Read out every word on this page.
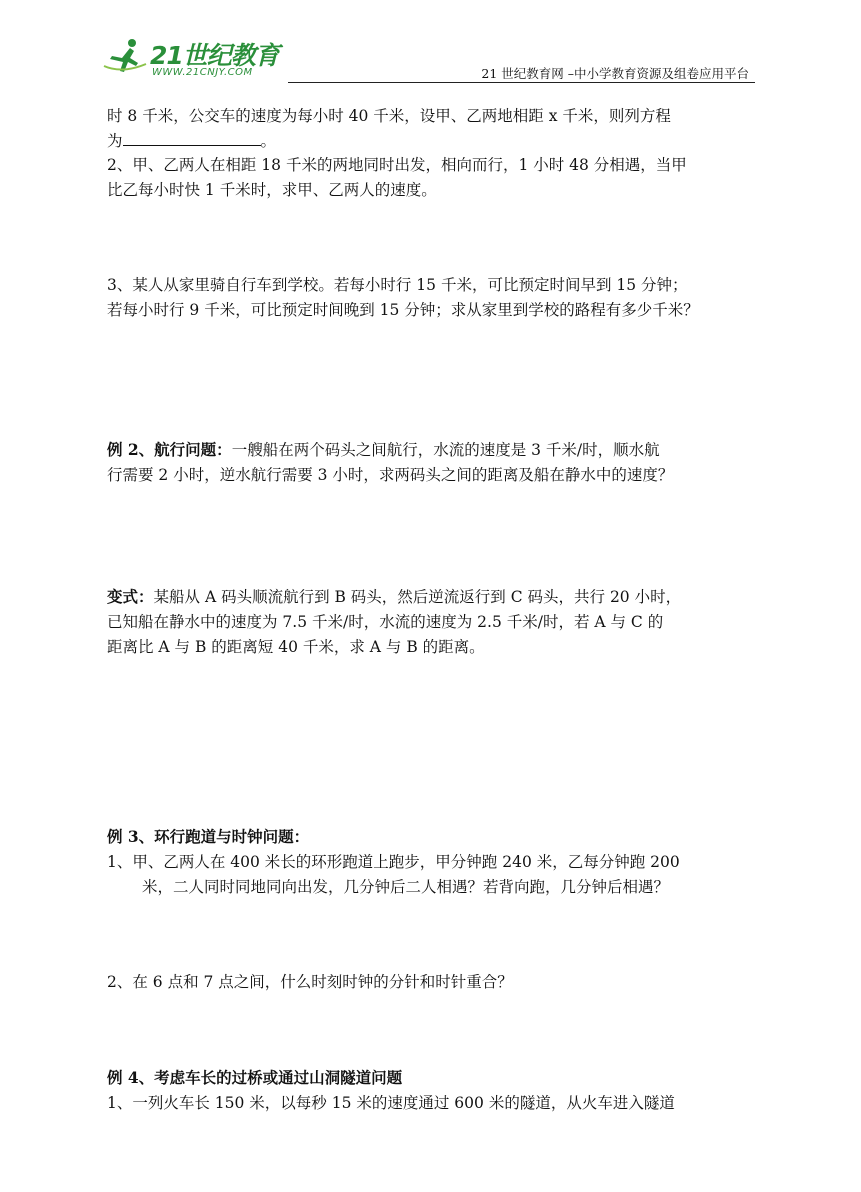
21世纪教育
WWW.21CNJY.COM	21 世纪教育网 –中小学教育资源及组卷应用平台
时 8 千米，公交车的速度为每小时 40 千米，设甲、乙两地相距 x 千米，则列方程
为	。
2、甲、乙两人在相距 18 千米的两地同时出发，相向而行，1 小时 48 分相遇，当甲
比乙每小时快 1 千米时，求甲、乙两人的速度。
3、某人从家里骑自行车到学校。若每小时行 15 千米，可比预定时间早到 15 分钟；
若每小时行 9 千米，可比预定时间晚到 15 分钟；求从家里到学校的路程有多少千米？
例 2、航行问题：一艘船在两个码头之间航行，水流的速度是 3 千米/时，顺水航
行需要 2 小时，逆水航行需要 3 小时，求两码头之间的距离及船在静水中的速度？
变式：某船从 A 码头顺流航行到 B 码头，然后逆流返行到 C 码头，共行 20 小时，
已知船在静水中的速度为 7.5 千米/时，水流的速度为 2.5 千米/时，若 A 与 C 的
距离比 A 与 B 的距离短 40 千米，求 A 与 B 的距离。
例 3、环行跑道与时钟问题：
1、甲、乙两人在 400 米长的环形跑道上跑步，甲分钟跑 240 米，乙每分钟跑 200
米，二人同时同地同向出发，几分钟后二人相遇？若背向跑，几分钟后相遇？
2、在 6 点和 7 点之间，什么时刻时钟的分针和时针重合？
例 4、考虑车长的过桥或通过山洞隧道问题
1、一列火车长 150 米，以每秒 15 米的速度通过 600 米的隧道，从火车进入隧道
